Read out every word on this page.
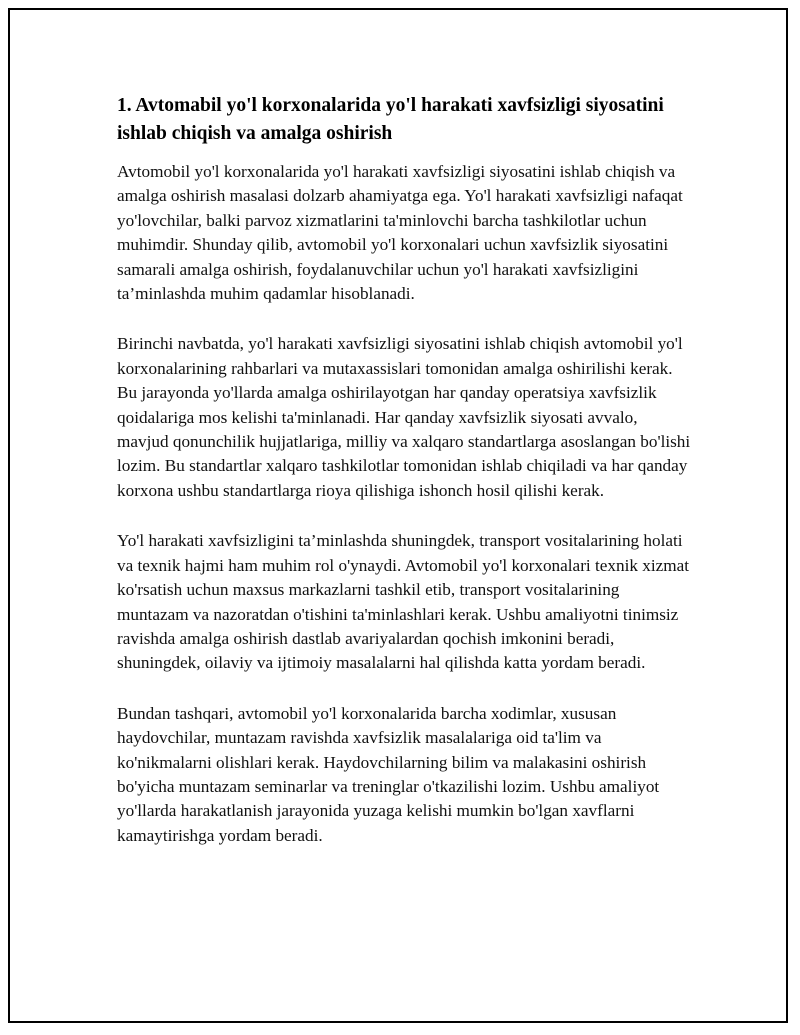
1. Avtomabil yo'l korxonalarida yo'l harakati xavfsizligi siyosatini ishlab chiqish va amalga oshirish

Avtomobil yo'l korxonalarida yo'l harakati xavfsizligi siyosatini ishlab chiqish va amalga oshirish masalasi dolzarb ahamiyatga ega. Yo'l harakati xavfsizligi nafaqat yo'lovchilar, balki parvoz xizmatlarini ta'minlovchi barcha tashkilotlar uchun muhimdir. Shunday qilib, avtomobil yo'l korxonalari uchun xavfsizlik siyosatini samarali amalga oshirish, foydalanuvchilar uchun yo'l harakati xavfsizligini ta’minlashda muhim qadamlar hisoblanadi.

Birinchi navbatda, yo'l harakati xavfsizligi siyosatini ishlab chiqish avtomobil yo'l korxonalarining rahbarlari va mutaxassislari tomonidan amalga oshirilishi kerak. Bu jarayonda yo'llarda amalga oshirilayotgan har qanday operatsiya xavfsizlik qoidalariga mos kelishi ta'minlanadi. Har qanday xavfsizlik siyosati avvalo, mavjud qonunchilik hujjatlariga, milliy va xalqaro standartlarga asoslangan bo'lishi lozim. Bu standartlar xalqaro tashkilotlar tomonidan ishlab chiqiladi va har qanday korxona ushbu standartlarga rioya qilishiga ishonch hosil qilishi kerak.

Yo'l harakati xavfsizligini ta’minlashda shuningdek, transport vositalarining holati va texnik hajmi ham muhim rol o'ynaydi. Avtomobil yo'l korxonalari texnik xizmat ko'rsatish uchun maxsus markazlarni tashkil etib, transport vositalarining muntazam va nazoratdan o'tishini ta'minlashlari kerak. Ushbu amaliyotni tinimsiz ravishda amalga oshirish dastlab avariyalardan qochish imkonini beradi, shuningdek, oilaviy va ijtimoiy masalalarni hal qilishda katta yordam beradi.

Bundan tashqari, avtomobil yo'l korxonalarida barcha xodimlar, xususan haydovchilar, muntazam ravishda xavfsizlik masalalariga oid ta'lim va ko'nikmalarni olishlari kerak. Haydovchilarning bilim va malakasini oshirish bo'yicha muntazam seminarlar va treninglar o'tkazilishi lozim. Ushbu amaliyot yo'llarda harakatlanish jarayonida yuzaga kelishi mumkin bo'lgan xavflarni kamaytirishga yordam beradi.
